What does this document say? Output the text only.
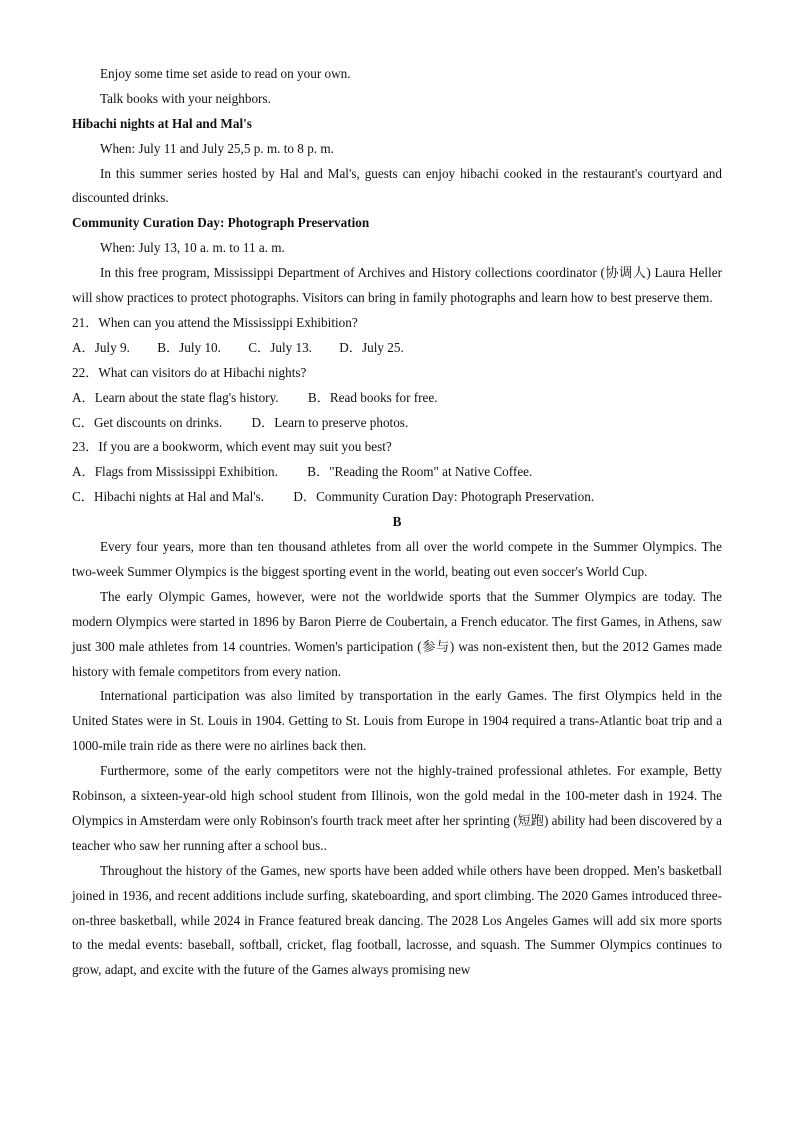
Enjoy some time set aside to read on your own.

Talk books with your neighbors.

Hibachi nights at Hal and Mal's

When: July 11 and July 25,5 p. m. to 8 p. m.

In this summer series hosted by Hal and Mal's, guests can enjoy hibachi cooked in the restaurant's courtyard and discounted drinks.

Community Curation Day: Photograph Preservation

When: July 13, 10 a. m. to 11 a. m.

In this free program, Mississippi Department of Archives and History collections coordinator (协调人) Laura Heller will show practices to protect photographs. Visitors can bring in family photographs and learn how to best preserve them.

21．When can you attend the Mississippi Exhibition?

A．July 9. B．July 10. C．July 13. D．July 25.

22．What can visitors do at Hibachi nights?

A．Learn about the state flag's history. B．Read books for free.

C．Get discounts on drinks. D．Learn to preserve photos.

23．If you are a bookworm, which event may suit you best?

A．Flags from Mississippi Exhibition. B．"Reading the Room" at Native Coffee.

C．Hibachi nights at Hal and Mal's. D．Community Curation Day: Photograph Preservation.

B

Every four years, more than ten thousand athletes from all over the world compete in the Summer Olympics. The two-week Summer Olympics is the biggest sporting event in the world, beating out even soccer's World Cup.

The early Olympic Games, however, were not the worldwide sports that the Summer Olympics are today. The modern Olympics were started in 1896 by Baron Pierre de Coubertain, a French educator. The first Games, in Athens, saw just 300 male athletes from 14 countries. Women's participation (参与) was non-existent then, but the 2012 Games made history with female competitors from every nation.

International participation was also limited by transportation in the early Games. The first Olympics held in the United States were in St. Louis in 1904. Getting to St. Louis from Europe in 1904 required a trans-Atlantic boat trip and a 1000-mile train ride as there were no airlines back then.

Furthermore, some of the early competitors were not the highly-trained professional athletes. For example, Betty Robinson, a sixteen-year-old high school student from Illinois, won the gold medal in the 100-meter dash in 1924. The Olympics in Amsterdam were only Robinson's fourth track meet after her sprinting (短跑) ability had been discovered by a teacher who saw her running after a school bus..

Throughout the history of the Games, new sports have been added while others have been dropped. Men's basketball joined in 1936, and recent additions include surfing, skateboarding, and sport climbing. The 2020 Games introduced three-on-three basketball, while 2024 in France featured break dancing. The 2028 Los Angeles Games will add six more sports to the medal events: baseball, softball, cricket, flag football, lacrosse, and squash. The Summer Olympics continues to grow, adapt, and excite with the future of the Games always promising new
